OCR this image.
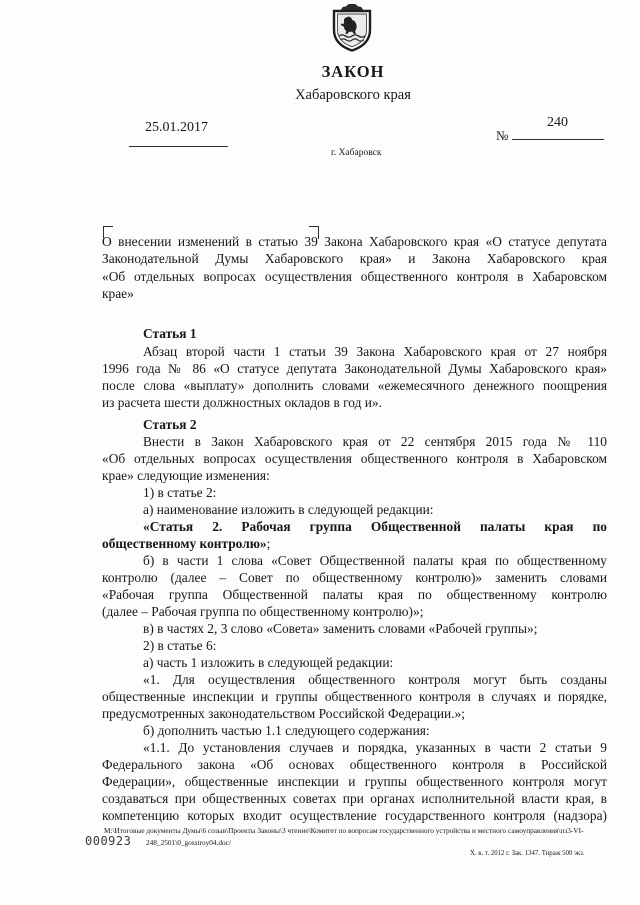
ЗАКОН
Хабаровского края
25.01.2017	240
№
г. Хабаровск
О внесении изменений в статью 39 Закона Хабаровского края «О статусе депутата
Законодательной Думы Хабаровского края» и Закона Хабаровского края
«Об отдельных вопросах осуществления общественного контроля в Хабаровском
крае»
Статья 1
Абзац второй части 1 статьи 39 Закона Хабаровского края от 27 ноября
1996 года № 86 «О статусе депутата Законодательной Думы Хабаровского края»
после слова «выплату» дополнить словами «ежемесячного денежного поощрения
из расчета шести должностных окладов в год и».
Статья 2
Внести в Закон Хабаровского края от 22 сентября 2015 года № 110
«Об отдельных вопросах осуществления общественного контроля в Хабаровском
крае» следующие изменения:
1) в статье 2:
а) наименование изложить в следующей редакции:
«Статья 2. Рабочая группа Общественной палаты края по
общественному контролю»;
б) в части 1 слова «Совет Общественной палаты края по общественному
контролю (далее – Совет по общественному контролю)» заменить словами
«Рабочая группа Общественной палаты края по общественному контролю
(далее – Рабочая группа по общественному контролю)»;
в) в частях 2, 3 слово «Совета» заменить словами «Рабочей группы»;
2) в статье 6:
а) часть 1 изложить в следующей редакции:
«1. Для осуществления общественного контроля могут быть созданы
общественные инспекции и группы общественного контроля в случаях и порядке,
предусмотренных законодательством Российской Федерации.»;
б) дополнить частью 1.1 следующего содержания:
«1.1. До установления случаев и порядка, указанных в части 2 статьи 9
Федерального закона «Об основах общественного контроля в Российской
Федерации», общественные инспекции и группы общественного контроля могут
создаваться при общественных советах при органах исполнительной власти края, в
компетенцию которых входит осуществление государственного контроля (надзора)
M:\Итоговые документы Думы\6 созыв\Проекты Законы\3 чтение\Комитет по вопросам государственного устройства и местного самоуправления\пз3-VI-
000923 248_2501\0_gosstroy04.doc/
Х. к. т. 2012 г. Зак. 1347. Тираж 500 экз.
